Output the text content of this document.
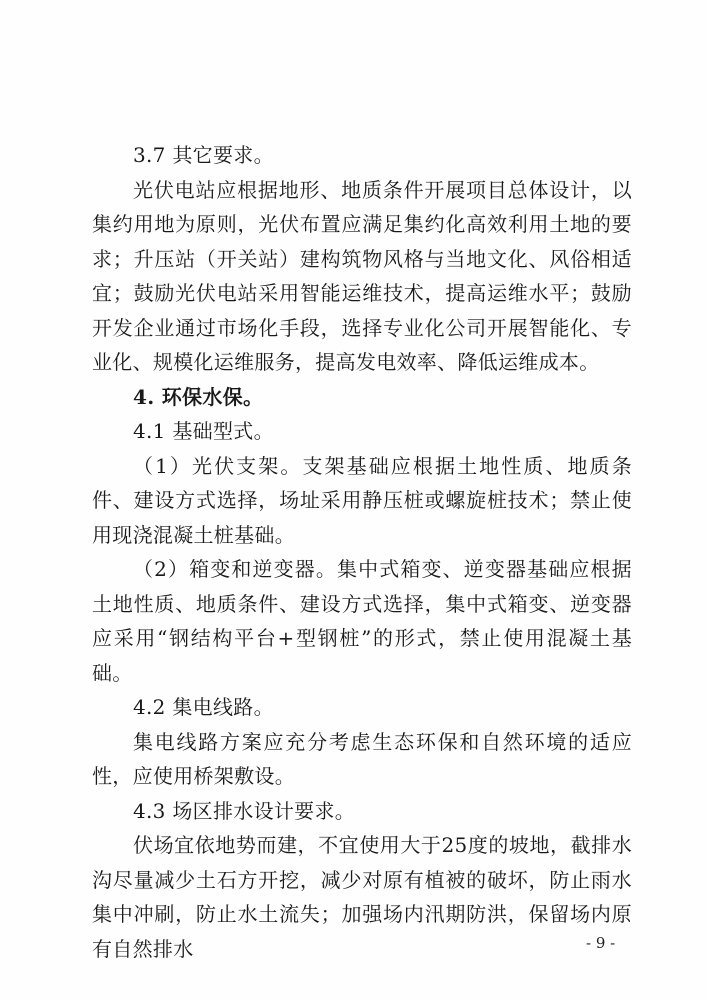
3.7 其它要求。

光伏电站应根据地形、地质条件开展项目总体设计，以集约用地为原则，光伏布置应满足集约化高效利用土地的要求；升压站（开关站）建构筑物风格与当地文化、风俗相适宜；鼓励光伏电站采用智能运维技术，提高运维水平；鼓励开发企业通过市场化手段，选择专业化公司开展智能化、专业化、规模化运维服务，提高发电效率、降低运维成本。

4. 环保水保。

4.1 基础型式。

（1）光伏支架。支架基础应根据土地性质、地质条件、建设方式选择，场址采用静压桩或螺旋桩技术；禁止使用现浇混凝土桩基础。

（2）箱变和逆变器。集中式箱变、逆变器基础应根据土地性质、地质条件、建设方式选择，集中式箱变、逆变器应采用“钢结构平台+型钢桩”的形式，禁止使用混凝土基础。

4.2 集电线路。

集电线路方案应充分考虑生态环保和自然环境的适应性，应使用桥架敷设。

4.3 场区排水设计要求。

伏场宜依地势而建，不宜使用大于25度的坡地，截排水沟尽量减少土石方开挖，减少对原有植被的破坏，防止雨水集中冲刷，防止水土流失；加强场内汛期防洪，保留场内原有自然排水	- 9 -
